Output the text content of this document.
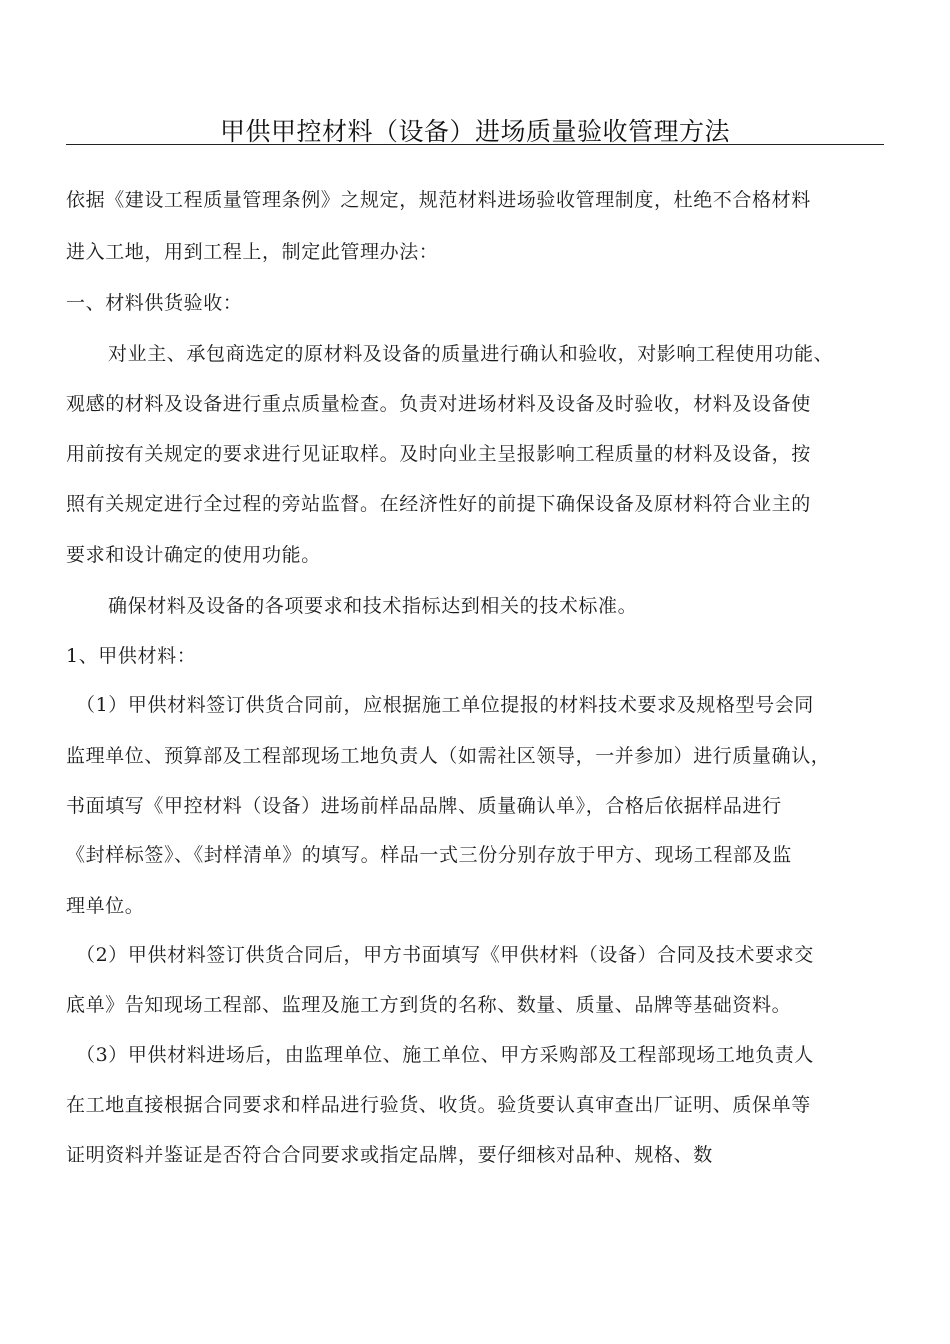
甲供甲控材料（设备）进场质量验收管理方法
依据《建设工程质量管理条例》之规定，规范材料进场验收管理制度，杜绝不合格材料
进入工地，用到工程上，制定此管理办法：
一、材料供货验收：
对业主、承包商选定的原材料及设备的质量进行确认和验收，对影响工程使用功能、
观感的材料及设备进行重点质量检查。负责对进场材料及设备及时验收，材料及设备使
用前按有关规定的要求进行见证取样。及时向业主呈报影响工程质量的材料及设备，按
照有关规定进行全过程的旁站监督。在经济性好的前提下确保设备及原材料符合业主的
要求和设计确定的使用功能。
确保材料及设备的各项要求和技术指标达到相关的技术标准。
1、甲供材料：
（1）甲供材料签订供货合同前，应根据施工单位提报的材料技术要求及规格型号会同
监理单位、预算部及工程部现场工地负责人（如需社区领导，一并参加）进行质量确认，
书面填写《甲控材料（设备）进场前样品品牌、质量确认单》，合格后依据样品进行
《封样标签》、《封样清单》的填写。样品一式三份分别存放于甲方、现场工程部及监
理单位。
（2）甲供材料签订供货合同后，甲方书面填写《甲供材料（设备）合同及技术要求交
底单》告知现场工程部、监理及施工方到货的名称、数量、质量、品牌等基础资料。
（3）甲供材料进场后，由监理单位、施工单位、甲方采购部及工程部现场工地负责人
在工地直接根据合同要求和样品进行验货、收货。验货要认真审查出厂证明、质保单等
证明资料并鉴证是否符合合同要求或指定品牌，要仔细核对品种、规格、数
